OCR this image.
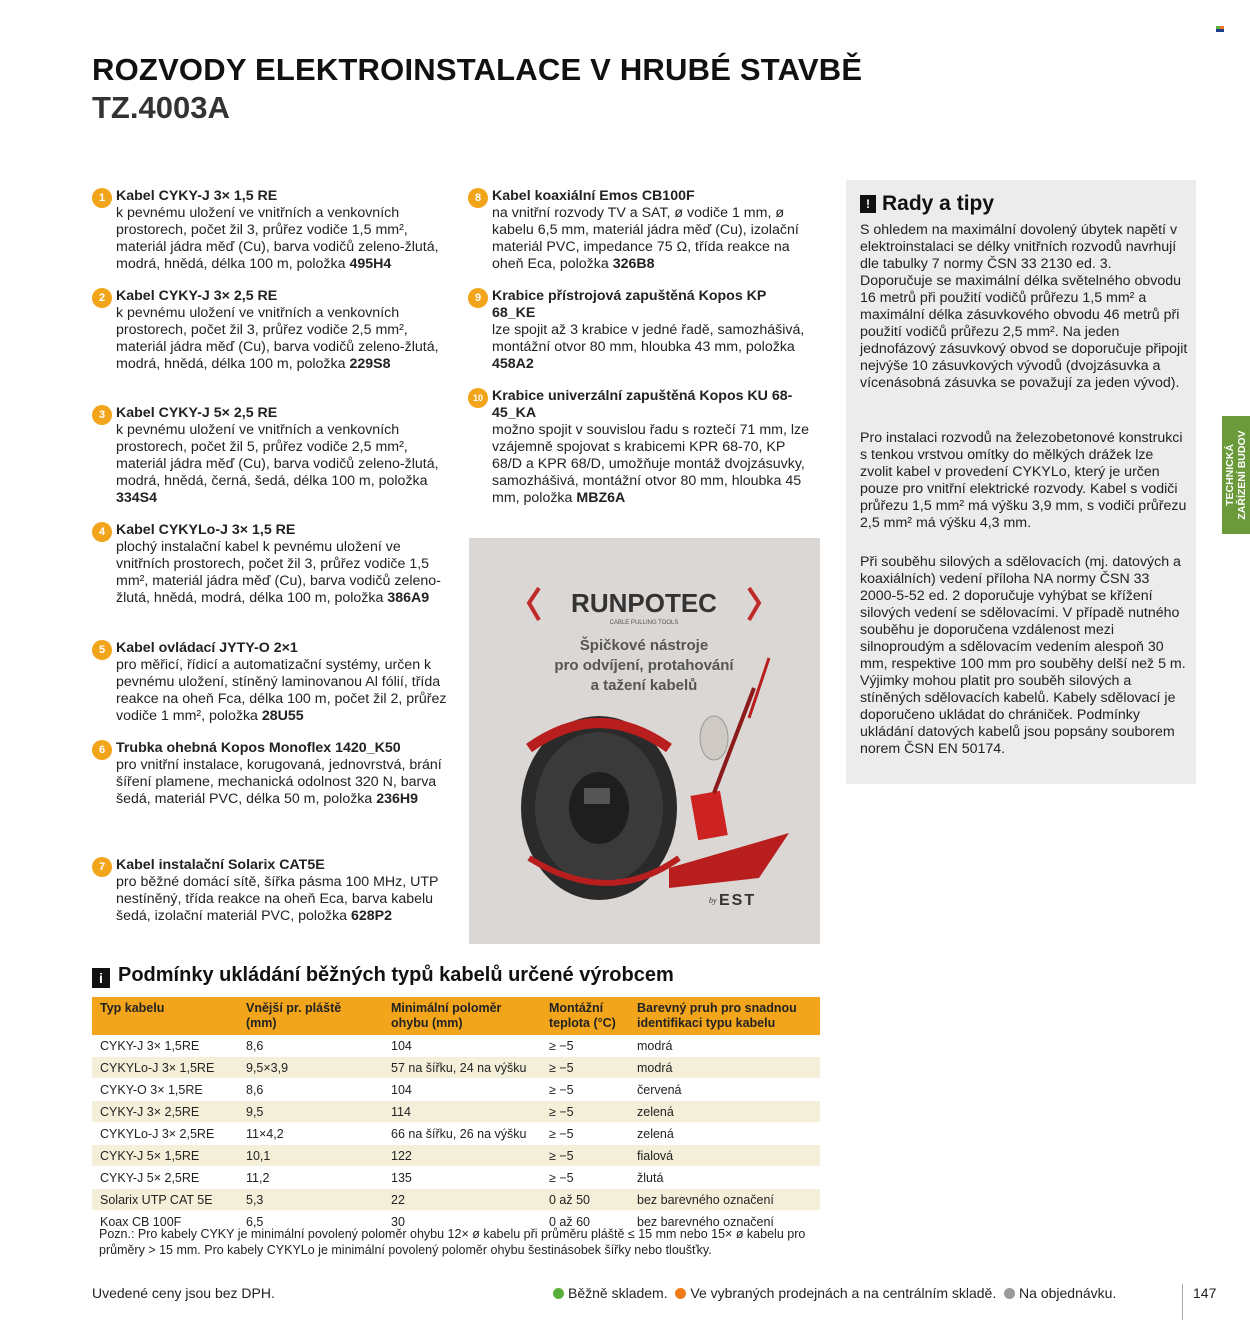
ROZVODY ELEKTROINSTALACE V HRUBÉ STAVBĚ
TZ.4003A
1 Kabel CYKY-J 3× 1,5 RE
k pevnému uložení ve vnitřních a venkovních prostorech, počet žil 3, průřez vodiče 1,5 mm², materiál jádra měď (Cu), barva vodičů zeleno-žlutá, modrá, hnědá, délka 100 m, položka 495H4
2 Kabel CYKY-J 3× 2,5 RE
k pevnému uložení ve vnitřních a venkovních prostorech, počet žil 3, průřez vodiče 2,5 mm², materiál jádra měď (Cu), barva vodičů zeleno-žlutá, modrá, hnědá, délka 100 m, položka 229S8
3 Kabel CYKY-J 5× 2,5 RE
k pevnému uložení ve vnitřních a venkovních prostorech, počet žil 5, průřez vodiče 2,5 mm², materiál jádra měď (Cu), barva vodičů zeleno-žlutá, modrá, hnědá, černá, šedá, délka 100 m, položka 334S4
4 Kabel CYKYLo-J 3× 1,5 RE
plochý instalační kabel k pevnému uložení ve vnitřních prostorech, počet žil 3, průřez vodiče 1,5 mm², materiál jádra měď (Cu), barva vodičů zeleno-žlutá, hnědá, modrá, délka 100 m, položka 386A9
5 Kabel ovládací JYTY-O 2×1
pro měřicí, řídicí a automatizační systémy, určen k pevnému uložení, stíněný laminovanou Al fólií, třída reakce na oheň Fca, délka 100 m, počet žil 2, průřez vodiče 1 mm², položka 28U55
6 Trubka ohebná Kopos Monoflex 1420_K50
pro vnitřní instalace, korugovaná, jednovrstvá, brání šíření plamene, mechanická odolnost 320 N, barva šedá, materiál PVC, délka 50 m, položka 236H9
7 Kabel instalační Solarix CAT5E
pro běžné domácí sítě, šířka pásma 100 MHz, UTP nestíněný, třída reakce na oheň Eca, barva kabelu šedá, izolační materiál PVC, položka 628P2
8 Kabel koaxiální Emos CB100F
na vnitřní rozvody TV a SAT, ø vodiče 1 mm, ø kabelu 6,5 mm, materiál jádra měď (Cu), izolační materiál PVC, impedance 75 Ω, třída reakce na oheň Eca, položka 326B8
9 Krabice přístrojová zapuštěná Kopos KP 68_KE
lze spojit až 3 krabice v jedné řadě, samozhášivá, montážní otvor 80 mm, hloubka 43 mm, položka 458A2
10 Krabice univerzální zapuštěná Kopos KU 68-45_KA
možno spojit v souvislou řadu s roztečí 71 mm, lze vzájemně spojovat s krabicemi KPR 68-70, KP 68/D a KPR 68/D, umožňuje montáž dvojzásuvky, samozhášivá, montážní otvor 80 mm, hloubka 45 mm, položka MBZ6A
! Rady a tipy

S ohledem na maximální dovolený úbytek napětí v elektroinstalaci se délky vnitřních rozvodů navrhují dle tabulky 7 normy ČSN 33 2130 ed. 3. Doporučuje se maximální délka světelného obvodu 16 metrů při použití vodičů průřezu 1,5 mm² a maximální délka zásuvkového obvodu 46 metrů při použití vodičů průřezu 2,5 mm². Na jeden jednofázový zásuvkový obvod se doporučuje připojit nejvýše 10 zásuvkových vývodů (dvojzásuvka a vícenásobná zásuvka se považují za jeden vývod).

Pro instalaci rozvodů na železobetonové konstrukci s tenkou vrstvou omítky do mělkých drážek lze zvolit kabel v provedení CYKYLo, který je určen pouze pro vnitřní elektrické rozvody. Kabel s vodiči průřezu 1,5 mm² má výšku 3,9 mm, s vodiči průřezu 2,5 mm² má výšku 4,3 mm.

Při souběhu silových a sdělovacích (mj. datových a koaxiálních) vedení příloha NA normy ČSN 33 2000-5-52 ed. 2 doporučuje vyhýbat se křížení silových vedení se sdělovacími. V případě nutného souběhu je doporučena vzdálenost mezi silnoproudým a sdělovacím vedením alespoň 30 mm, respektive 100 mm pro souběhy delší než 5 m. Výjimky mohou platit pro souběh silových a stíněných sdělovacích kabelů. Kabely sdělovací je doporučeno ukládat do chrániček. Podmínky ukládání datových kabelů jsou popsány souborem norem ČSN EN 50174.

TECHNICKÁ
ZAŘÍZENÍ BUDOV
RUNPOTEC
CABLE PULLING TOOLS
Špičkové nástroje
pro odvíjení, protahování
a tažení kabelů
by EST
i Podmínky ukládání běžných typů kabelů určené výrobcem
Typ kabelu	Vnější pr. pláště (mm)	Minimální poloměr ohybu (mm)	Montážní teplota (°C)	Barevný pruh pro snadnou identifikaci typu kabelu
CYKY-J 3× 1,5RE	8,6	104	≥ −5	modrá
CYKYLo-J 3× 1,5RE	9,5×3,9	57 na šířku, 24 na výšku	≥ −5	modrá
CYKY-O 3× 1,5RE	8,6	104	≥ −5	červená
CYKY-J 3× 2,5RE	9,5	114	≥ −5	zelená
CYKYLo-J 3× 2,5RE	11×4,2	66 na šířku, 26 na výšku	≥ −5	zelená
CYKY-J 5× 1,5RE	10,1	122	≥ −5	fialová
CYKY-J 5× 2,5RE	11,2	135	≥ −5	žlutá
Solarix UTP CAT 5E	5,3	22	0 až 50	bez barevného označení
Koax CB 100F	6,5	30	0 až 60	bez barevného označení
Pozn.: Pro kabely CYKY je minimální povolený poloměr ohybu 12× ø kabelu při průměru pláště ≤ 15 mm nebo 15× ø kabelu pro průměry > 15 mm. Pro kabely CYKYLo je minimální povolený poloměr ohybu šestinásobek šířky nebo tloušťky.
Uvedené ceny jsou bez DPH.	Běžně skladem. Ve vybraných prodejnách a na centrálním skladě. Na objednávku.	147
